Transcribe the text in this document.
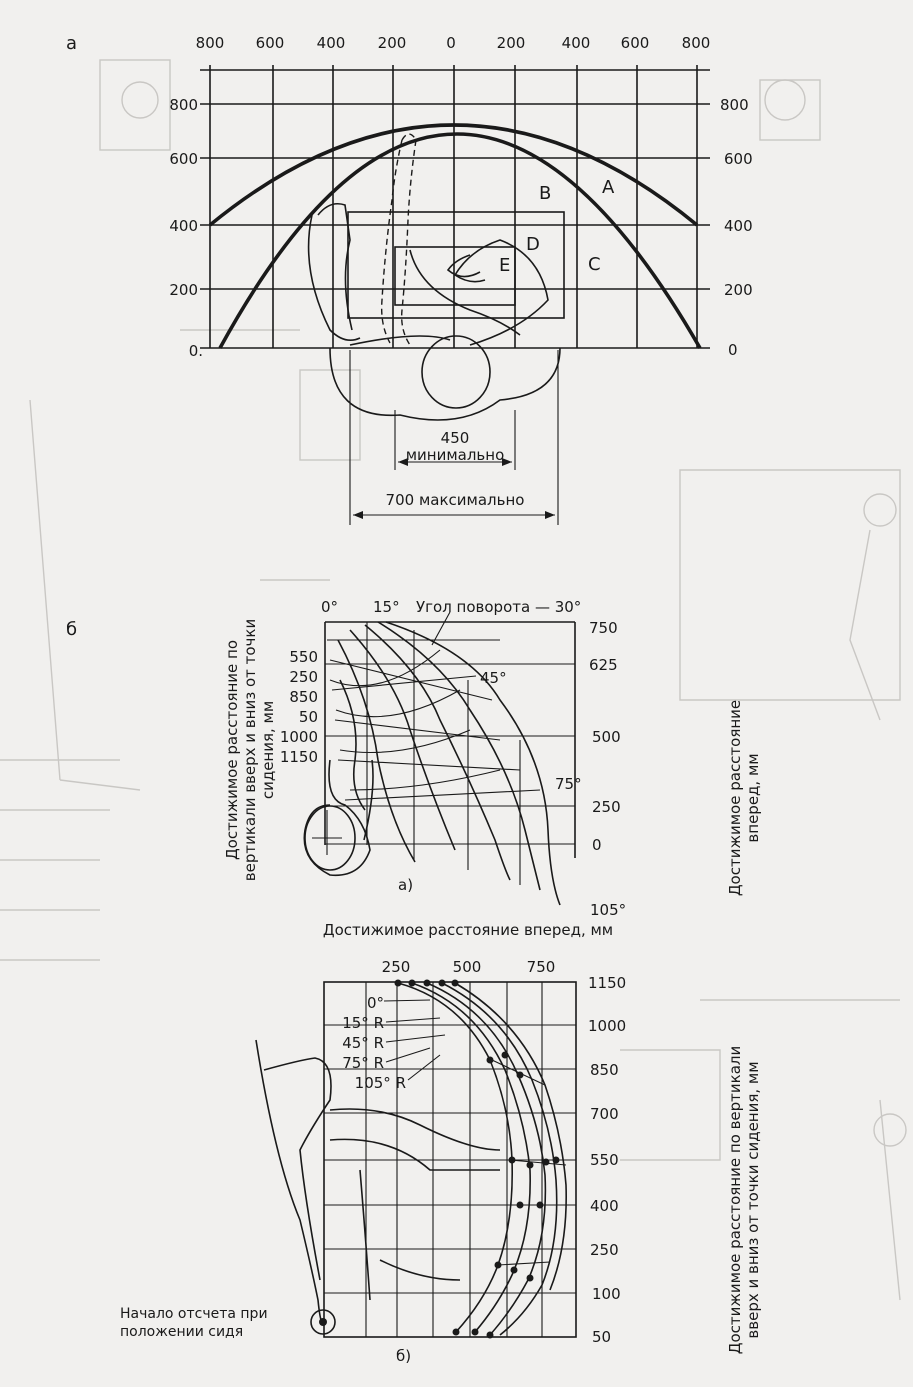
а	800 600 400 200	0	200 400 600 800
800
600
400
200
0.
800
600
400
200
0
A
B
C
D
E
450
минимально
700 максимально
б
0° 15° Угол поворота — 30°
45°
75°
105°
550
250
850
50
1000
1150
750
625
500
250
0
а)
Достижимое расстояние вперед, мм
Достижимое расстояние по вертикали вверх и вниз от точки сидения, мм	Достижимое расстояние вперед, мм
250	500	750
1150
1000
850
700
550
400
250
100
50
0°
15° R
45° R
75° R
105° R
б)
Начало отсчета при
положении сидя	Достижимое расстояние по вертикали вверх и вниз от точки сидения, мм
